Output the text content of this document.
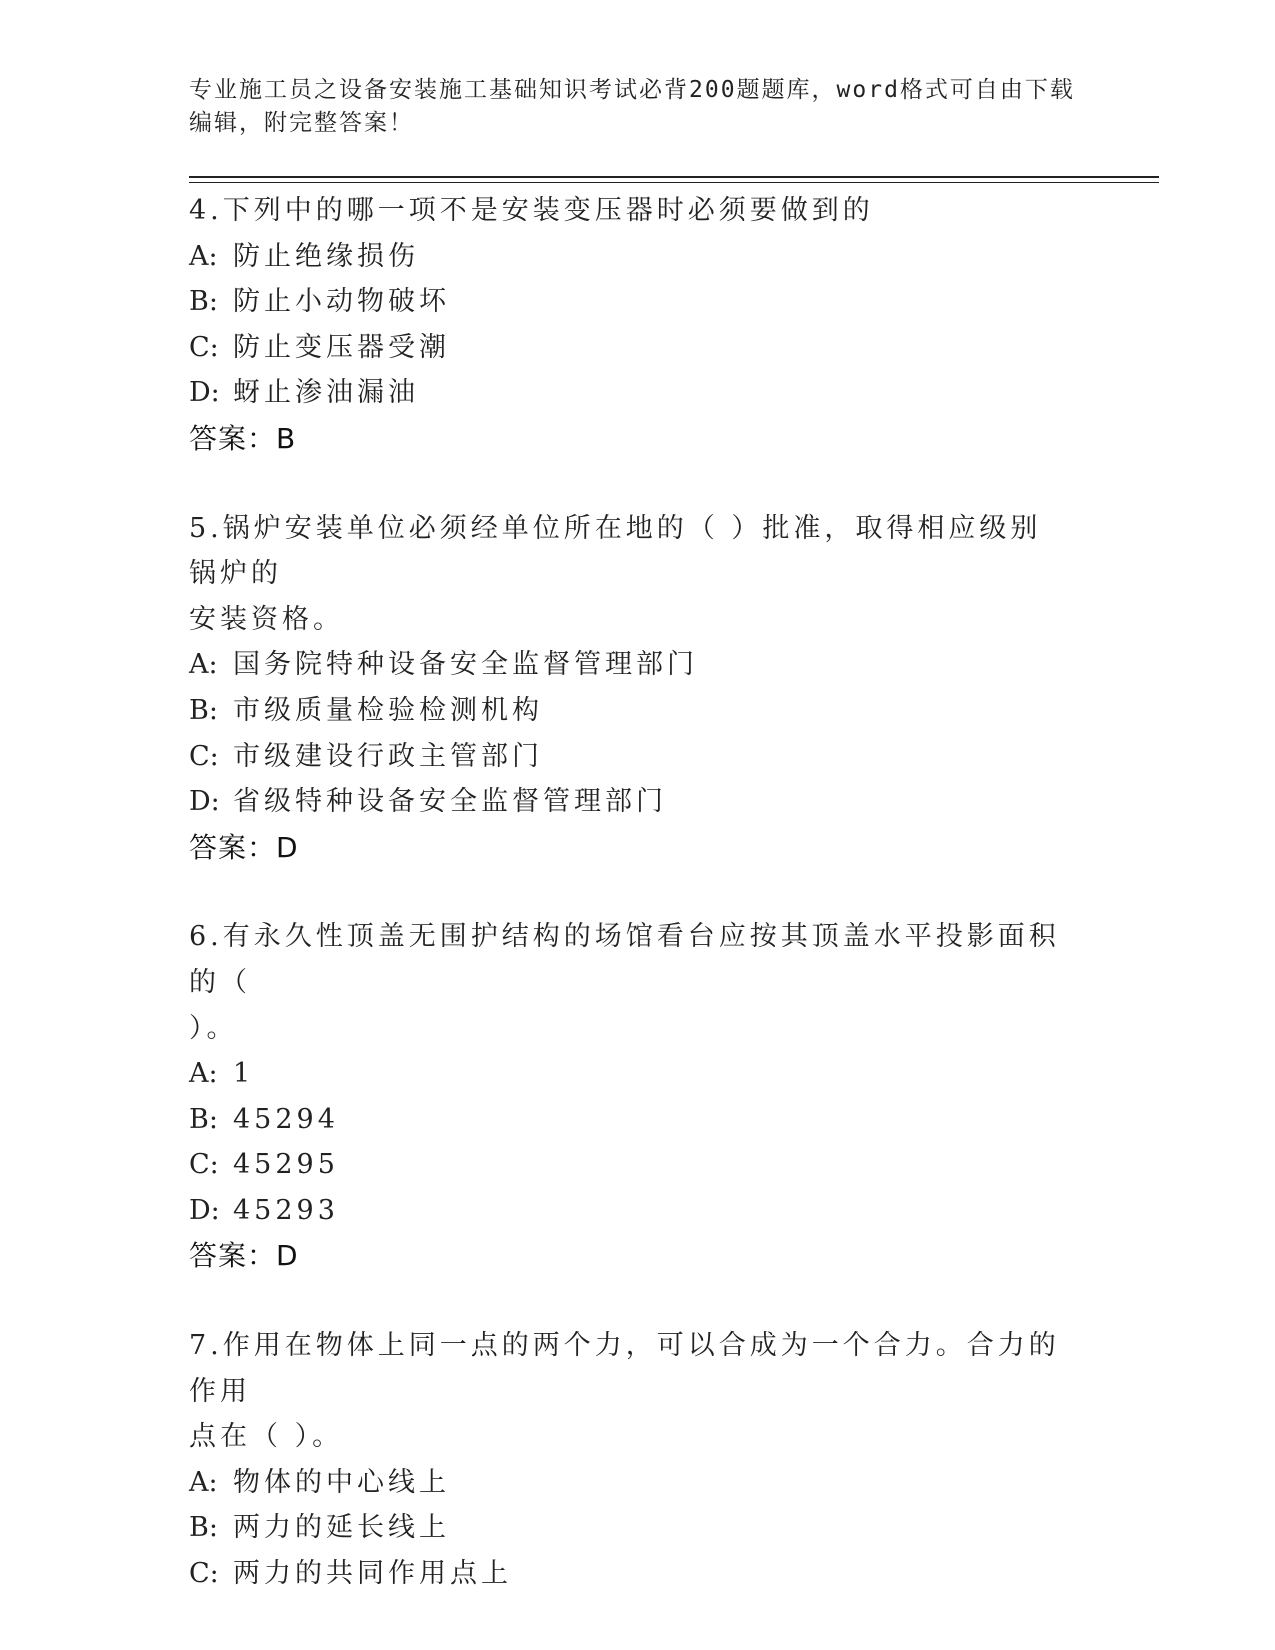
专业施工员之设备安装施工基础知识考试必背200题题库，word格式可自由下载
编辑，附完整答案！
4.下列中的哪一项不是安装变压器时必须要做到的
A: 防止绝缘损伤
B: 防止小动物破坏
C: 防止变压器受潮
D: 蚜止渗油漏油
答案：B
5.锅炉安装单位必须经单位所在地的（ ）批准，取得相应级别锅炉的
安装资格。
A: 国务院特种设备安全监督管理部门
B: 市级质量检验检测机构
C: 市级建设行政主管部门
D: 省级特种设备安全监督管理部门
答案：D
6.有永久性顶盖无围护结构的场馆看台应按其顶盖水平投影面积的（
）。
A: 1
B: 45294
C: 45295
D: 45293
答案：D
7.作用在物体上同一点的两个力，可以合成为一个合力。合力的作用
点在（ ）。
A: 物体的中心线上
B: 两力的延长线上
C: 两力的共同作用点上
